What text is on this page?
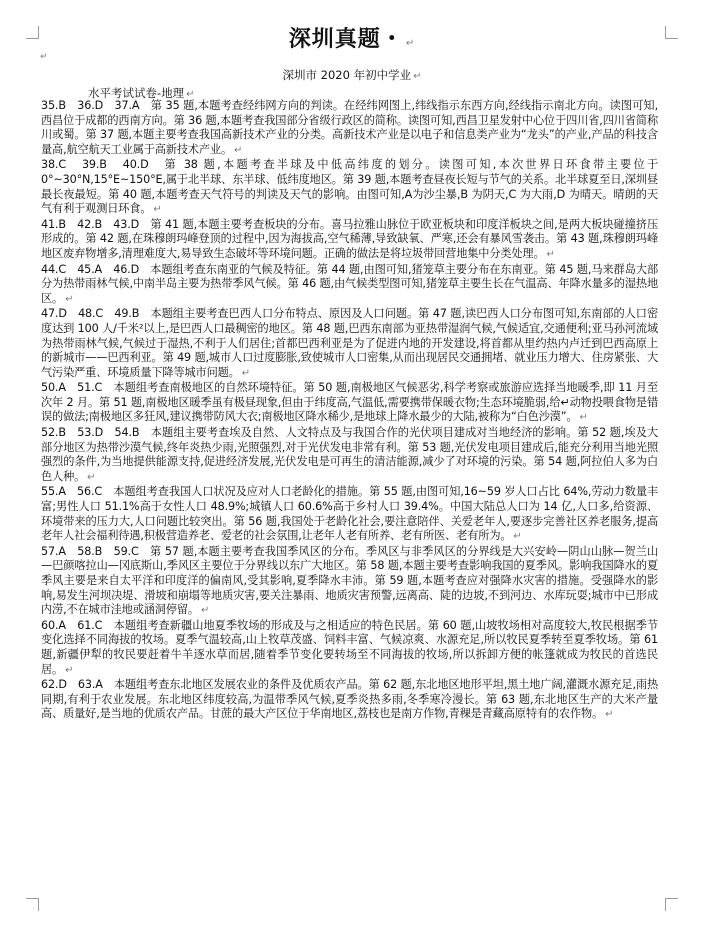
深圳真题・ ↵
↵
深圳市 2020 年初中学业 ↵
水平考试试卷-地理 ↵

35.B　36.D　37.A　第 35 题,本题考查经纬网方向的判读。在经纬网图上,纬线指示东西方向,经线指示南北方向。读图可知,西昌位于成都的西南方向。第 36 题,本题考查我国部分省级行政区的简称。读图可知,西昌卫星发射中心位于四川省,四川省简称川或蜀。第 37 题,本题主要考查我国高新技术产业的分类。高新技术产业是以电子和信息类产业为“龙头”的产业,产品的科技含量高,航空航天工业属于高新技术产业。 ↵

38.C　39.B　40.D　第 38 题,本题考查半球及中低高纬度的划分。读图可知,本次世界日环食带主要位于 0°~30°N,15°E~150°E,属于北半球、东半球、低纬度地区。第 39 题,本题考查昼夜长短与节气的关系。北半球夏至日,深圳昼最长夜最短。第 40 题,本题考查天气符号的判读及天气的影响。由图可知,A为沙尘暴,B 为阴天,C 为大雨,D 为晴天。晴朗的天气有利于观测日环食。 ↵

41.B　42.B　43.D　第 41 题,本题主要考查板块的分布。喜马拉雅山脉位于欧亚板块和印度洋板块之间,是两大板块碰撞挤压形成的。第 42 题,在珠穆朗玛峰登顶的过程中,因为海拔高,空气稀薄,导致缺氧、严寒,还会有暴风雪袭击。第 43 题,珠穆朗玛峰地区废弃物增多,清理难度大,易导致生态破坏等环境问题。正确的做法是将垃圾带回营地集中分类处理。 ↵

44.C　45.A　46.D　本题组考查东南亚的气候及特征。第 44 题,由图可知,猪笼草主要分布在东南亚。第 45 题,马来群岛大部分为热带雨林气候,中南半岛主要为热带季风气候。第 46 题,由气候类型图可知,猪笼草主要生长在气温高、年降水量多的湿热地区。 ↵

47.D　48.C　49.B　本题组主要考查巴西人口分布特点、原因及人口问题。第 47 题,读巴西人口分布图可知,东南部的人口密度达到 100 人/千米²以上,是巴西人口最稠密的地区。第 48 题,巴西东南部为亚热带湿润气候,气候适宜,交通便利;亚马孙河流域为热带雨林气候,气候过于湿热,不利于人们居住;首都巴西利亚是为了促进内地的开发建设,将首都从里约热内卢迁到巴西高原上的新城市——巴西利亚。第 49 题,城市人口过度膨胀,致使城市人口密集,从而出现居民交通拥堵、就业压力增大、住房紧张、大气污染严重、环境质量下降等城市问题。 ↵

50.A　51.C　本题组考查南极地区的自然环境特征。第 50 题,南极地区气候恶劣,科学考察或旅游应选择当地暖季,即 11 月至次年 2 月。第 51 题,南极地区暖季虽有极昼现象,但由于纬度高,气温低,需要携带保暖衣物;生态环境脆弱,给↵动物投喂食物是错误的做法;南极地区多狂风,建议携带防风大衣;南极地区降水稀少,是地球上降水最少的大陆,被称为“白色沙漠”。 ↵

52.B　53.D　54.B　本题组主要考查埃及自然、人文特点及与我国合作的光伏项目建成对当地经济的影响。第 52 题,埃及大部分地区为热带沙漠气候,终年炎热少雨,光照强烈,对于光伏发电非常有利。第 53 题,光伏发电项目建成后,能充分利用当地光照强烈的条件,为当地提供能源支持,促进经济发展,光伏发电是可再生的清洁能源,减少了对环境的污染。第 54 题,阿拉伯人多为白色人种。 ↵

55.A　56.C　本题组考查我国人口状况及应对人口老龄化的措施。第 55 题,由图可知,16~59 岁人口占比 64%,劳动力数量丰富;男性人口 51.1%高于女性人口 48.9%;城镇人口 60.6%高于乡村人口 39.4%。中国大陆总人口为 14 亿,人口多,给资源、环境带来的压力大,人口问题比较突出。第 56 题,我国处于老龄化社会,要注意陪伴、关爱老年人,要逐步完善社区养老服务,提高老年人社会福利待遇,积极营造养老、爱老的社会氛围,让老年人老有所养、老有所医、老有所为。 ↵

57.A　58.B　59.C　第 57 题,本题主要考查我国季风区的分布。季风区与非季风区的分界线是大兴安岭—阴山山脉—贺兰山—巴颜喀拉山—冈底斯山,季风区主要位于分界线以东广大地区。第 58 题,本题主要考查影响我国的夏季风。影响我国降水的夏季风主要是来自太平洋和印度洋的偏南风,受其影响,夏季降水丰沛。第 59 题,本题考查应对强降水灾害的措施。受强降水的影响,易发生河坝决堤、滑坡和崩塌等地质灾害,要关注暴雨、地质灾害预警,远离高、陡的边坡,不到河边、水库玩耍;城市中已形成内涝,不在城市洼地或涵洞停留。 ↵

60.A　61.C　本题组考查新疆山地夏季牧场的形成及与之相适应的特色民居。第 60 题,山坡牧场相对高度较大,牧民根据季节变化选择不同海拔的牧场。夏季气温较高,山上牧草茂盛、饲料丰富、气候凉爽、水源充足,所以牧民夏季转至夏季牧场。第 61 题,新疆伊犁的牧民要赶着牛羊逐水草而居,随着季节变化要转场至不同海拔的牧场,所以拆卸方便的帐篷就成为牧民的首选民居。 ↵

62.D　63.A　本题组考查东北地区发展农业的条件及优质农产品。第 62 题,东北地区地形平坦,黑土地广阔,灌溉水源充足,雨热同期,有利于农业发展。东北地区纬度较高,为温带季风气候,夏季炎热多雨,冬季寒冷漫长。第 63 题,东北地区生产的大米产量高、质量好,是当地的优质农产品。甘蔗的最大产区位于华南地区,荔枝也是南方作物,青稞是青藏高原特有的农作物。 ↵
